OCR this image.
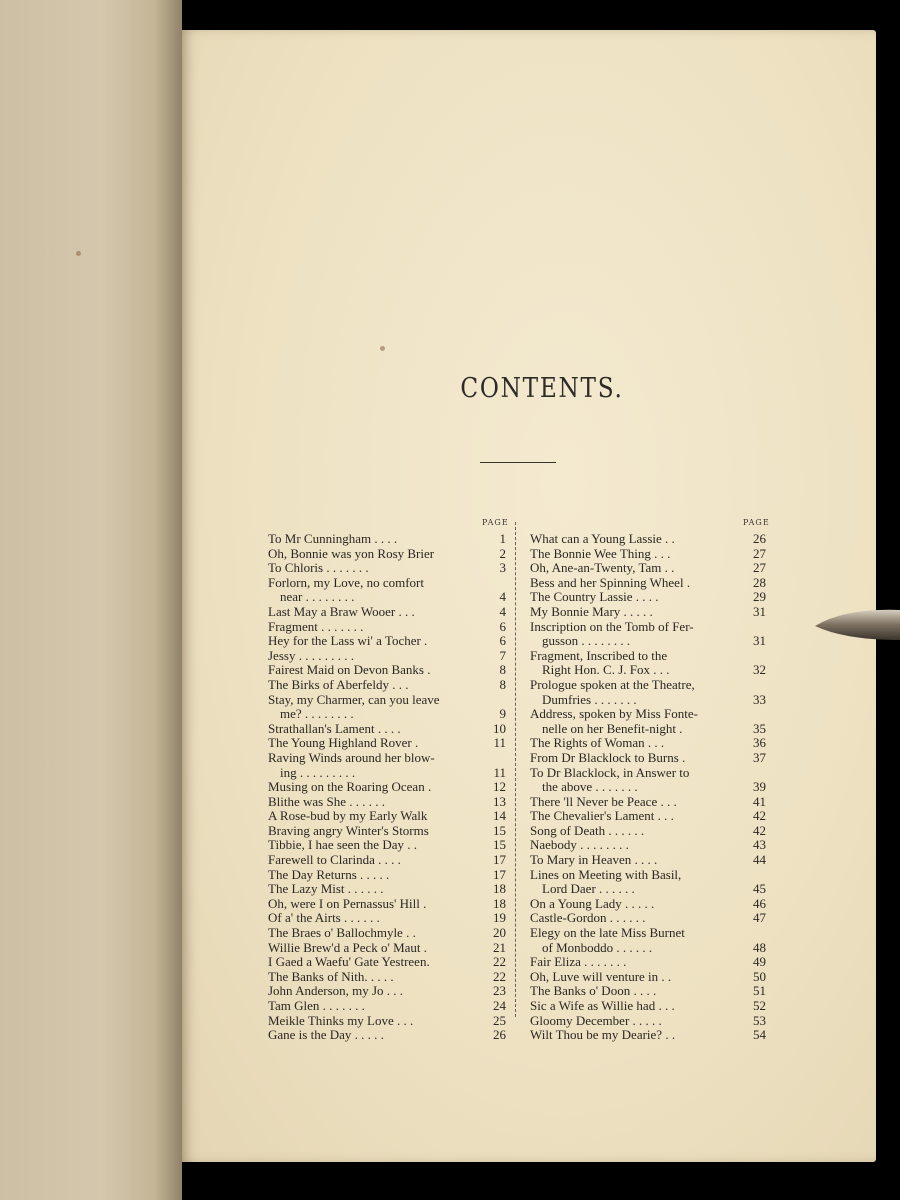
CONTENTS.
PAGE
To Mr Cunningham . . . .	1
Oh, Bonnie was yon Rosy Brier	2
To Chloris . . . . . . .	3
Forlorn, my Love, no comfort
near . . . . . . . .	4
Last May a Braw Wooer . . .	4
Fragment . . . . . . .	6
Hey for the Lass wi' a Tocher .	6
Jessy . . . . . . . . .	7
Fairest Maid on Devon Banks .	8
The Birks of Aberfeldy . . .	8
Stay, my Charmer, can you leave
me? . . . . . . . .	9
Strathallan's Lament . . . .	10
The Young Highland Rover .	11
Raving Winds around her blow-
ing . . . . . . . . .	11
Musing on the Roaring Ocean .	12
Blithe was She . . . . . .	13
A Rose-bud by my Early Walk	14
Braving angry Winter's Storms	15
Tibbie, I hae seen the Day . .	15
Farewell to Clarinda . . . .	17
The Day Returns . . . . .	17
The Lazy Mist . . . . . .	18
Oh, were I on Pernassus' Hill .	18
Of a' the Airts . . . . . .	19
The Braes o' Ballochmyle . .	20
Willie Brew'd a Peck o' Maut .	21
I Gaed a Waefu' Gate Yestreen.	22
The Banks of Nith. . . . .	22
John Anderson, my Jo . . .	23
Tam Glen . . . . . . .	24
Meikle Thinks my Love . . .	25
Gane is the Day . . . . .	26
PAGE
What can a Young Lassie . .	26
The Bonnie Wee Thing . . .	27
Oh, Ane-an-Twenty, Tam . .	27
Bess and her Spinning Wheel .	28
The Country Lassie . . . .	29
My Bonnie Mary . . . . .	31
Inscription on the Tomb of Fer-
gusson . . . . . . . .	31
Fragment, Inscribed to the
Right Hon. C. J. Fox . . .	32
Prologue spoken at the Theatre,
Dumfries . . . . . . .	33
Address, spoken by Miss Fonte-
nelle on her Benefit-night .	35
The Rights of Woman . . .	36
From Dr Blacklock to Burns .	37
To Dr Blacklock, in Answer to
the above . . . . . . .	39
There 'll Never be Peace . . .	41
The Chevalier's Lament . . .	42
Song of Death . . . . . .	42
Naebody . . . . . . . .	43
To Mary in Heaven . . . .	44
Lines on Meeting with Basil,
Lord Daer . . . . . .	45
On a Young Lady . . . . .	46
Castle-Gordon . . . . . .	47
Elegy on the late Miss Burnet
of Monboddo . . . . . .	48
Fair Eliza . . . . . . .	49
Oh, Luve will venture in . .	50
The Banks o' Doon . . . .	51
Sic a Wife as Willie had . . .	52
Gloomy December . . . . .	53
Wilt Thou be my Dearie? . .	54
